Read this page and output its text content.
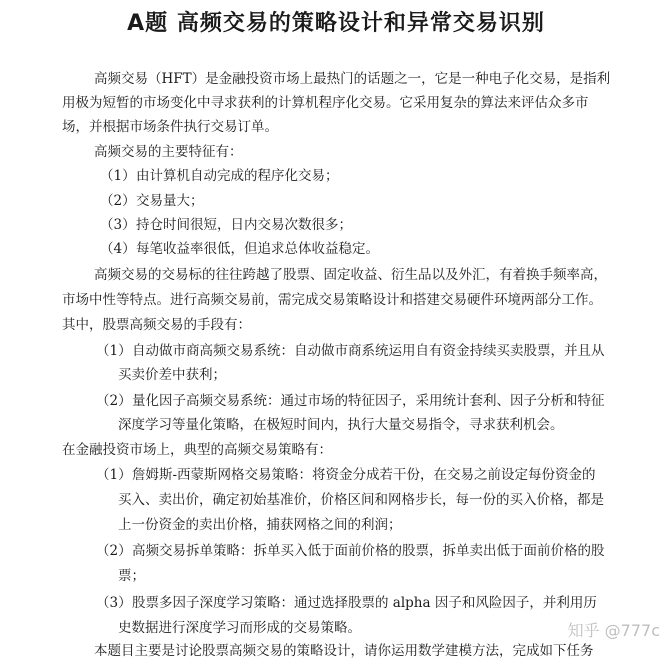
A题 高频交易的策略设计和异常交易识别
高频交易（HFT）是金融投资市场上最热门的话题之一，它是一种电子化交易，是指利
用极为短暂的市场变化中寻求获利的计算机程序化交易。它采用复杂的算法来评估众多市
场，并根据市场条件执行交易订单。
高频交易的主要特征有：
（1） 由计算机自动完成的程序化交易；
（2） 交易量大；
（3） 持仓时间很短，日内交易次数很多；
（4） 每笔收益率很低，但追求总体收益稳定。
高频交易的交易标的往往跨越了股票、固定收益、衍生品以及外汇，有着换手频率高，
市场中性等特点。进行高频交易前，需完成交易策略设计和搭建交易硬件环境两部分工作。
其中，股票高频交易的手段有：
（1） 自动做市商高频交易系统：自动做市商系统运用自有资金持续买卖股票，并且从
买卖价差中获利；
（2） 量化因子高频交易系统：通过市场的特征因子，采用统计套利、因子分析和特征
深度学习等量化策略，在极短时间内，执行大量交易指令，寻求获利机会。
在金融投资市场上，典型的高频交易策略有：
（1） 詹姆斯-西蒙斯网格交易策略：将资金分成若干份，在交易之前设定每份资金的
买入、卖出价，确定初始基准价，价格区间和网格步长，每一份的买入价格，都是
上一份资金的卖出价格，捕获网格之间的利润；
（2） 高频交易拆单策略：拆单买入低于面前价格的股票，拆单卖出低于面前价格的股
票；
（3） 股票多因子深度学习策略：通过选择股票的 alpha 因子和风险因子，并利用历
史数据进行深度学习而形成的交易策略。
本题目主要是讨论股票高频交易的策略设计，请你运用数学建模方法，完成如下任务
知乎 @777c
